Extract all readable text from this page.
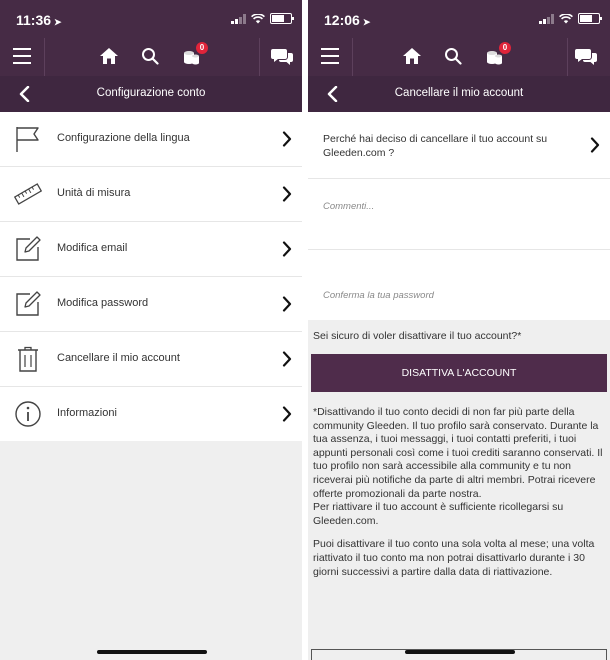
11:36 ➤
0
Configurazione conto
Configurazione della lingua
Unità di misura
Modifica email
Modifica password
Cancellare il mio account
Informazioni
12:06 ➤
0
Cancellare il mio account
Perché hai deciso di cancellare il tuo account su Gleeden.com ?
Commenti...
Conferma la tua password
Sei sicuro di voler disattivare il tuo account?*
DISATTIVA L'ACCOUNT

*Disattivando il tuo conto decidi di non far più parte della community Gleeden. Il tuo profilo sarà conservato. Durante la tua assenza, i tuoi messaggi, i tuoi contatti preferiti, i tuoi appunti personali così come i tuoi crediti saranno conservati. Il tuo profilo non sarà accessibile alla community e tu non riceverai più notifiche da parte di altri membri. Potrai ricevere offerte promozionali da parte nostra.

Per riattivare il tuo account è sufficiente ricollegarsi su Gleeden.com.

Puoi disattivare il tuo conto una sola volta al mese; una volta riattivato il tuo conto ma non potrai disattivarlo durante i 30 giorni successivi a partire dalla data di riattivazione.
